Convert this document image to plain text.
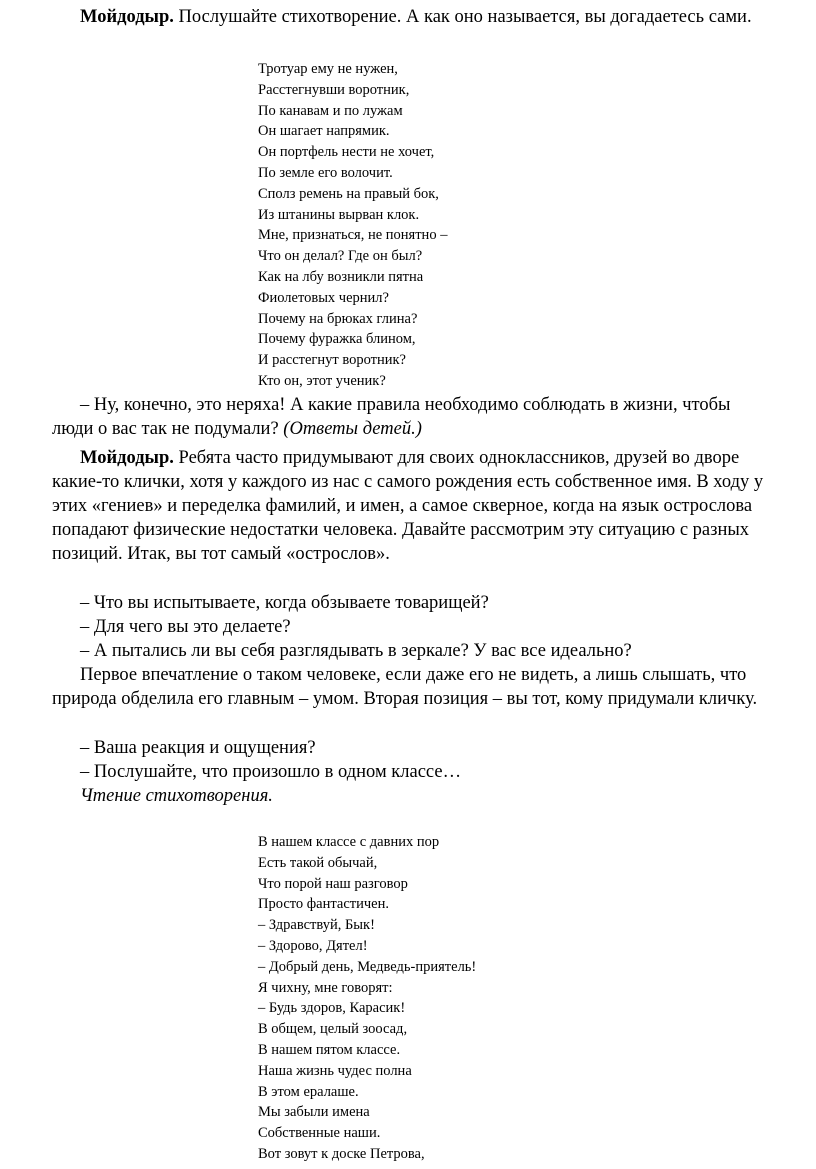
Мойдодыр. Послушайте стихотворение. А как оно называется, вы догадаетесь сами.

Тротуар ему не нужен,
Расстегнувши воротник,
По канавам и по лужам
Он шагает напрямик.
Он портфель нести не хочет,
По земле его волочит.
Сполз ремень на правый бок,
Из штанины вырван клок.
Мне, признаться, не понятно –
Что он делал? Где он был?
Как на лбу возникли пятна
Фиолетовых чернил?
Почему на брюках глина?
Почему фуражка блином,
И расстегнут воротник?
Кто он, этот ученик?

– Ну, конечно, это неряха! А какие правила необходимо соблюдать в жизни, чтобы люди о вас так не подумали? (Ответы детей.)

Мойдодыр. Ребята часто придумывают для своих одноклассников, друзей во дворе какие-то клички, хотя у каждого из нас с самого рождения есть собственное имя. В ходу у этих «гениев» и переделка фамилий, и имен, а самое скверное, когда на язык острослова попадают физические недостатки человека. Давайте рассмотрим эту ситуацию с разных позиций. Итак, вы тот самый «острослов».

– Что вы испытываете, когда обзываете товарищей?
– Для чего вы это делаете?
– А пытались ли вы себя разглядывать в зеркале? У вас все идеально?

Первое впечатление о таком человеке, если даже его не видеть, а лишь слышать, что природа обделила его главным – умом. Вторая позиция – вы тот, кому придумали кличку.

– Ваша реакция и ощущения?
– Послушайте, что произошло в одном классе…
Чтение стихотворения.
В нашем классе с давних пор
Есть такой обычай,
Что порой наш разговор
Просто фантастичен.
– Здравствуй, Бык!
– Здорово, Дятел!
– Добрый день, Медведь-приятель!
Я чихну, мне говорят:
– Будь здоров, Карасик!
В общем, целый зоосад,
В нашем пятом классе.
Наша жизнь чудес полна
В этом ералаше.
Мы забыли имена
Собственные наши.
Вот зовут к доске Петрова,
